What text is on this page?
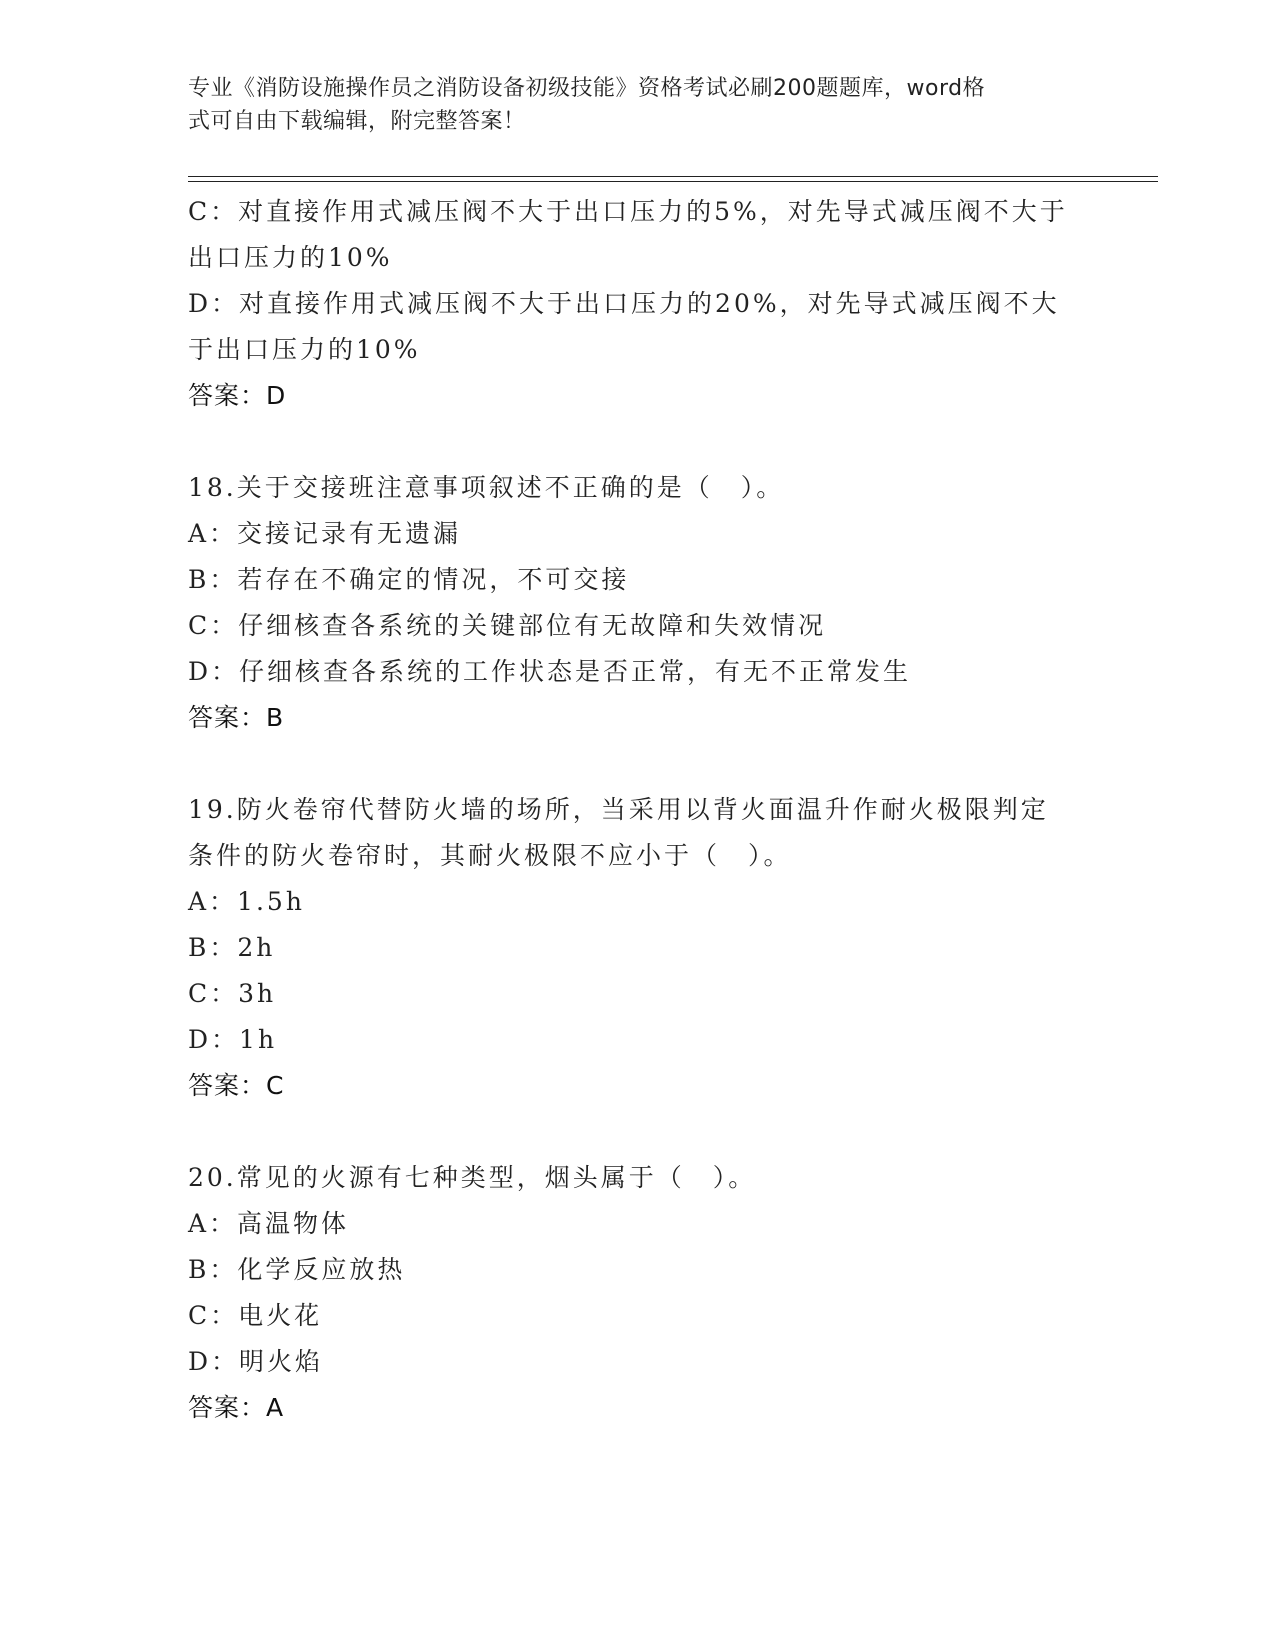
专业《消防设施操作员之消防设备初级技能》资格考试必刷200题题库，word格
式可自由下载编辑，附完整答案！
C：对直接作用式减压阀不大于出口压力的5%，对先导式减压阀不大于
出口压力的10%
D：对直接作用式减压阀不大于出口压力的20%，对先导式减压阀不大
于出口压力的10%
答案：D
18.关于交接班注意事项叙述不正确的是（　）。
A：交接记录有无遗漏
B：若存在不确定的情况，不可交接
C：仔细核查各系统的关键部位有无故障和失效情况
D：仔细核查各系统的工作状态是否正常，有无不正常发生
答案：B
19.防火卷帘代替防火墙的场所，当采用以背火面温升作耐火极限判定
条件的防火卷帘时，其耐火极限不应小于（　）。
A：1.5h
B：2h
C：3h
D：1h
答案：C
20.常见的火源有七种类型，烟头属于（　）。
A：高温物体
B：化学反应放热
C：电火花
D：明火焰
答案：A
